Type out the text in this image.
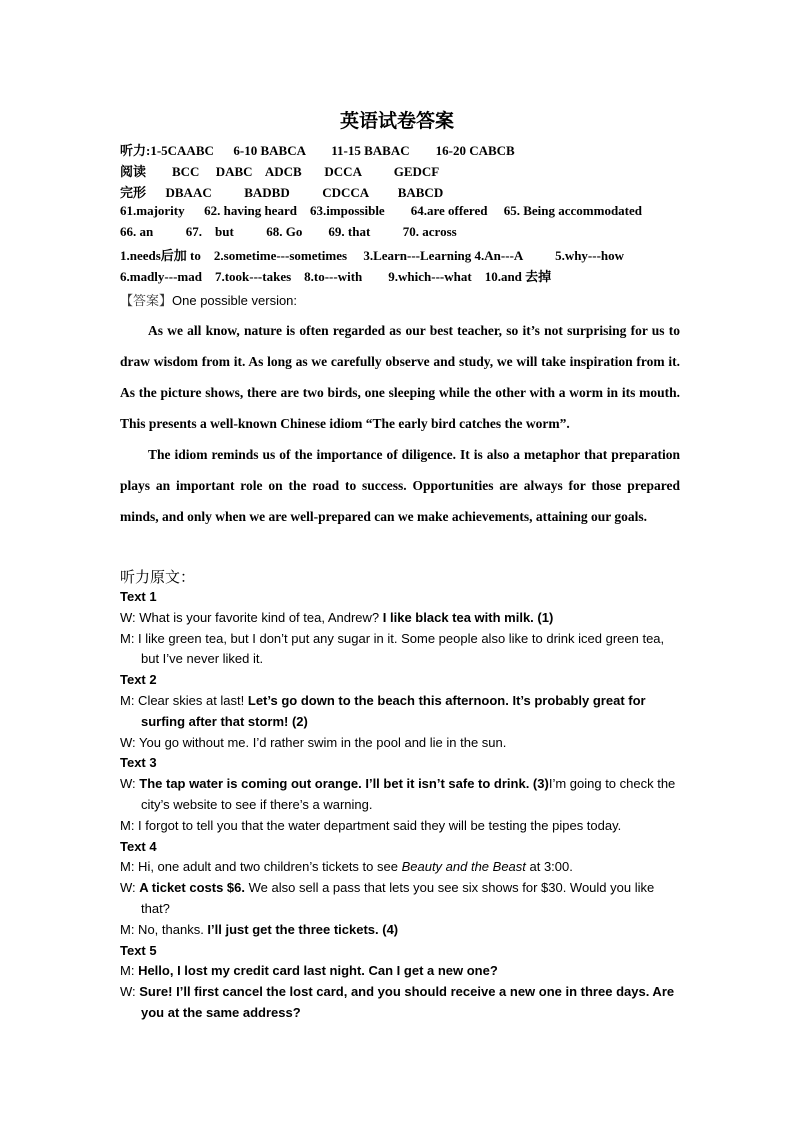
英语试卷答案
听力:1-5CAABC      6-10 BABCA        11-15 BABAC        16-20 CABCB
阅读        BCC     DABC    ADCB       DCCA          GEDCF
完形      DBAAC          BADBD          CDCCA         BABCD
61.majority      62. having heard    63.impossible        64.are offered     65. Being accommodated
66. an          67.    but          68. Go        69. that          70. across
1.needs后加 to    2.sometime---sometimes     3.Learn---Learning 4.An---A          5.why---how
6.madly---mad    7.took---takes    8.to---with        9.which---what    10.and 去掉
【答案】One possible version:

As we all know, nature is often regarded as our best teacher, so it’s not surprising for us to draw wisdom from it. As long as we carefully observe and study, we will take inspiration from it. As the picture shows, there are two birds, one sleeping while the other with a worm in its mouth. This presents a well-known Chinese idiom “The early bird catches the worm”.

The idiom reminds us of the importance of diligence. It is also a metaphor that preparation plays an important role on the road to success. Opportunities are always for those prepared minds, and only when we are well-prepared can we make achievements, attaining our goals.

听力原文：
Text 1
W: What is your favorite kind of tea, Andrew? I like black tea with milk. (1)
M: I like green tea, but I don’t put any sugar in it. Some people also like to drink iced green tea, but I’ve never liked it.
Text 2
M: Clear skies at last! Let’s go down to the beach this afternoon. It’s probably great for surfing after that storm! (2)
W: You go without me. I’d rather swim in the pool and lie in the sun.
Text 3
W: The tap water is coming out orange. I’ll bet it isn’t safe to drink. (3)I’m going to check the city’s website to see if there’s a warning.
M: I forgot to tell you that the water department said they will be testing the pipes today.
Text 4
M: Hi, one adult and two children’s tickets to see Beauty and the Beast at 3:00.
W: A ticket costs $6. We also sell a pass that lets you see six shows for $30. Would you like that?
M: No, thanks. I’ll just get the three tickets. (4)
Text 5
M: Hello, I lost my credit card last night. Can I get a new one?
W: Sure! I’ll first cancel the lost card, and you should receive a new one in three days. Are you at the same address?
